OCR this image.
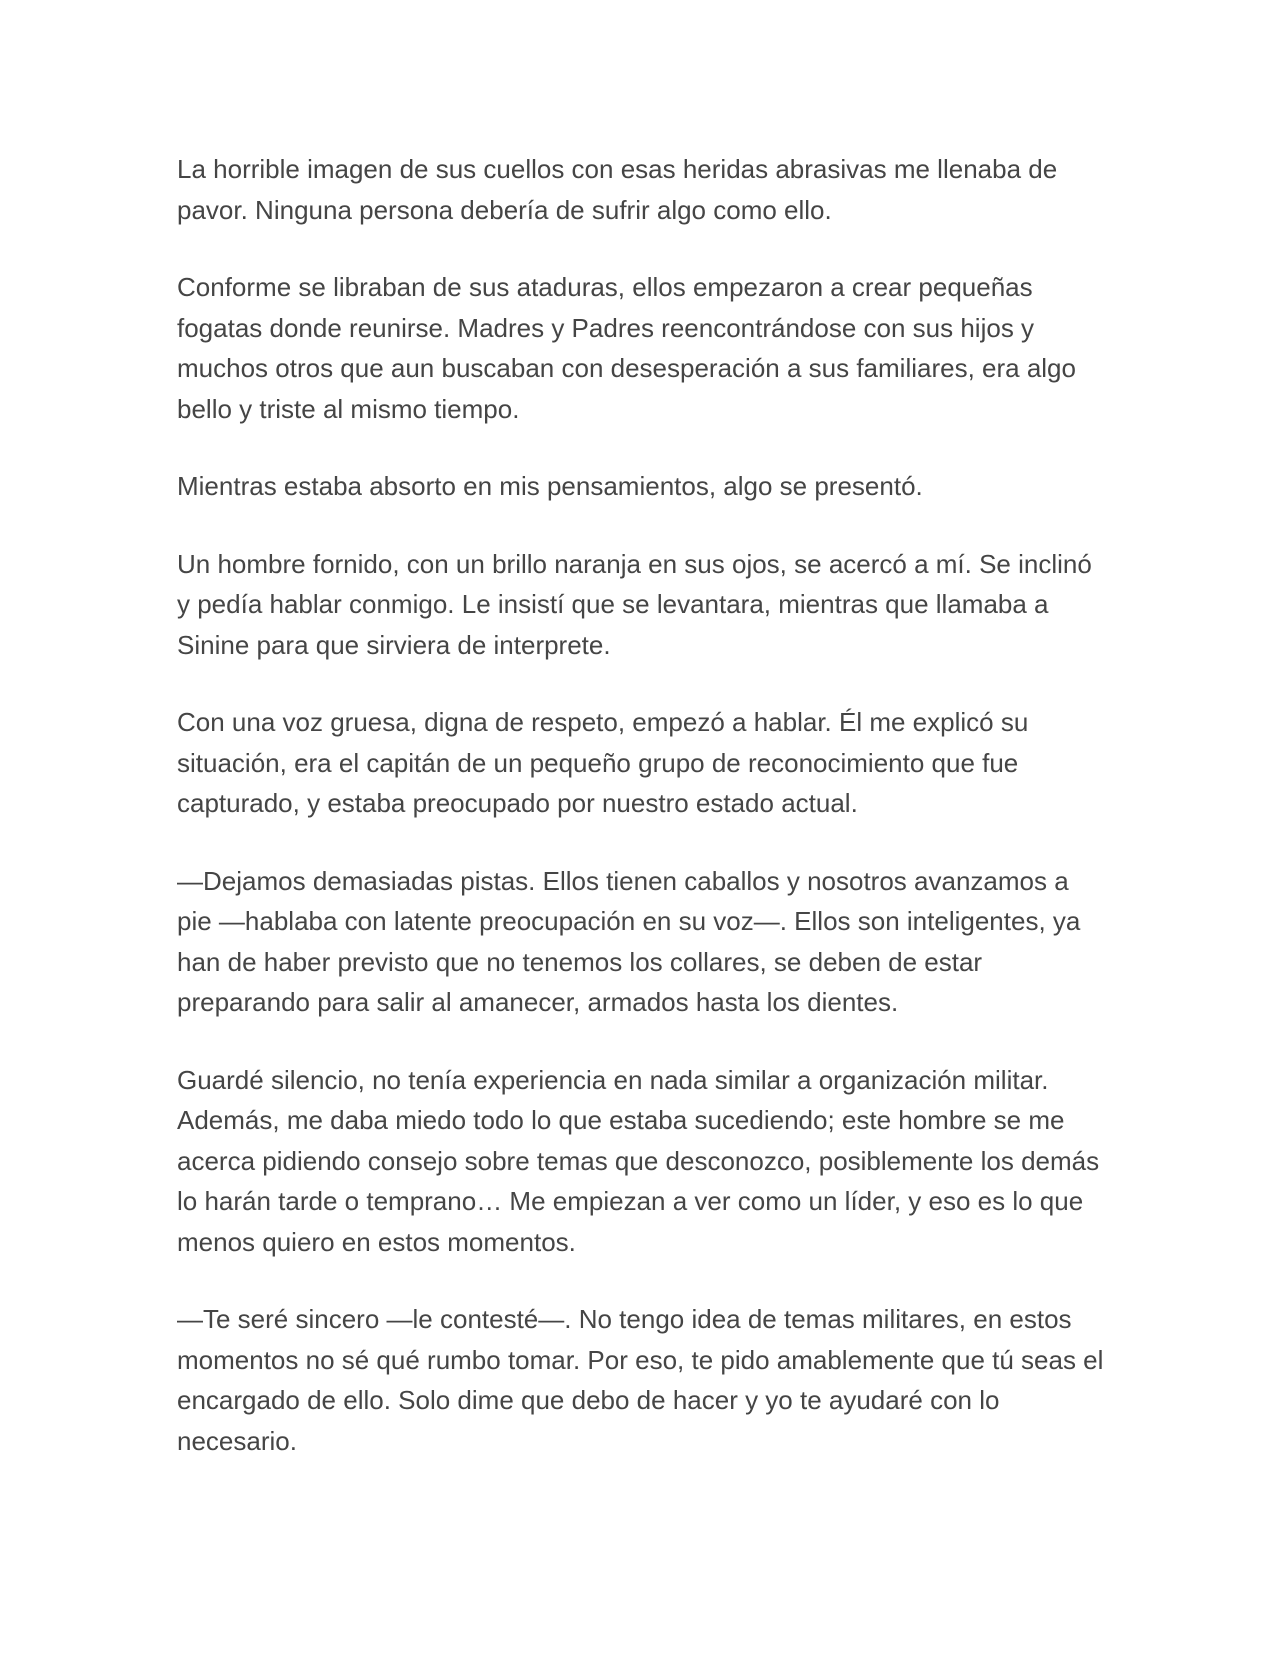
La horrible imagen de sus cuellos con esas heridas abrasivas me llenaba de pavor. Ninguna persona debería de sufrir algo como ello.

Conforme se libraban de sus ataduras, ellos empezaron a crear pequeñas fogatas donde reunirse. Madres y Padres reencontrándose con sus hijos y muchos otros que aun buscaban con desesperación a sus familiares, era algo bello y triste al mismo tiempo.

Mientras estaba absorto en mis pensamientos, algo se presentó.

Un hombre fornido, con un brillo naranja en sus ojos, se acercó a mí. Se inclinó y pedía hablar conmigo. Le insistí que se levantara, mientras que llamaba a Sinine para que sirviera de interprete.

Con una voz gruesa, digna de respeto, empezó a hablar. Él me explicó su situación, era el capitán de un pequeño grupo de reconocimiento que fue capturado, y estaba preocupado por nuestro estado actual.

—Dejamos demasiadas pistas. Ellos tienen caballos y nosotros avanzamos a pie —hablaba con latente preocupación en su voz—. Ellos son inteligentes, ya han de haber previsto que no tenemos los collares, se deben de estar preparando para salir al amanecer, armados hasta los dientes.

Guardé silencio, no tenía experiencia en nada similar a organización militar. Además, me daba miedo todo lo que estaba sucediendo; este hombre se me acerca pidiendo consejo sobre temas que desconozco, posiblemente los demás lo harán tarde o temprano… Me empiezan a ver como un líder, y eso es lo que menos quiero en estos momentos.

—Te seré sincero —le contesté—. No tengo idea de temas militares, en estos momentos no sé qué rumbo tomar. Por eso, te pido amablemente que tú seas el encargado de ello. Solo dime que debo de hacer y yo te ayudaré con lo necesario.
